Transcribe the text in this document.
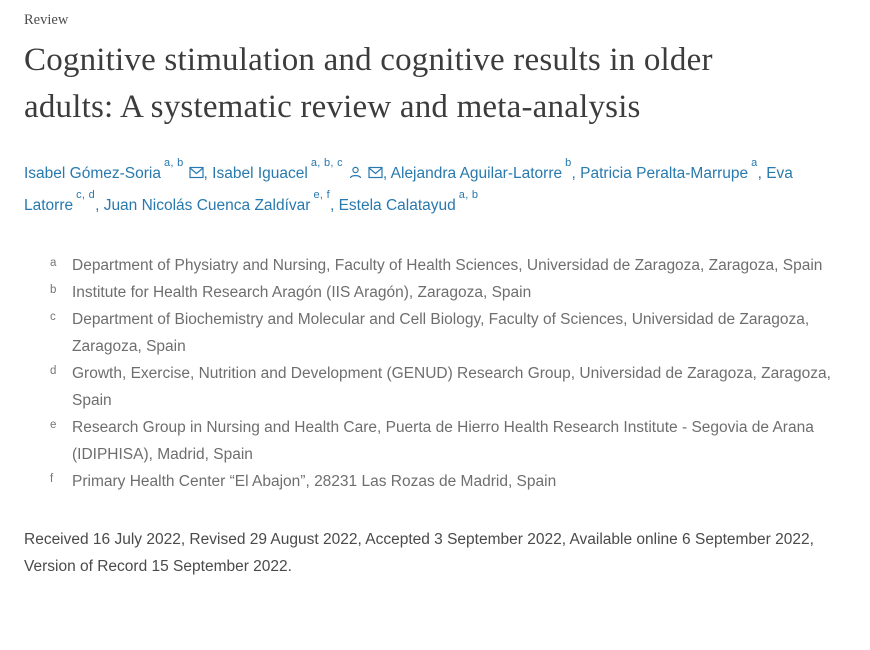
Review
Cognitive stimulation and cognitive results in older adults: A systematic review and meta-analysis
Isabel Gómez-Soria$^{a, b}$, Isabel Iguacel$^{a, b, c}$, Alejandra Aguilar-Latorre$^b$, Patricia Peralta-Marrupe$^a$, Eva Latorre$^{c, d}$, Juan Nicolás Cuenca Zaldívar$^{e, f}$, Estela Calatayud$^{a, b}$
a	Department of Physiatry and Nursing, Faculty of Health Sciences, Universidad de Zaragoza, Zaragoza, Spain
b	Institute for Health Research Aragón (IIS Aragón), Zaragoza, Spain
c	Department of Biochemistry and Molecular and Cell Biology, Faculty of Sciences, Universidad de Zaragoza, Zaragoza, Spain
d	Growth, Exercise, Nutrition and Development (GENUD) Research Group, Universidad de Zaragoza, Zaragoza, Spain
e	Research Group in Nursing and Health Care, Puerta de Hierro Health Research Institute - Segovia de Arana (IDIPHISA), Madrid, Spain
f	Primary Health Center “El Abajon”, 28231 Las Rozas de Madrid, Spain

Received 16 July 2022, Revised 29 August 2022, Accepted 3 September 2022, Available online 6 September 2022, Version of Record 15 September 2022.
